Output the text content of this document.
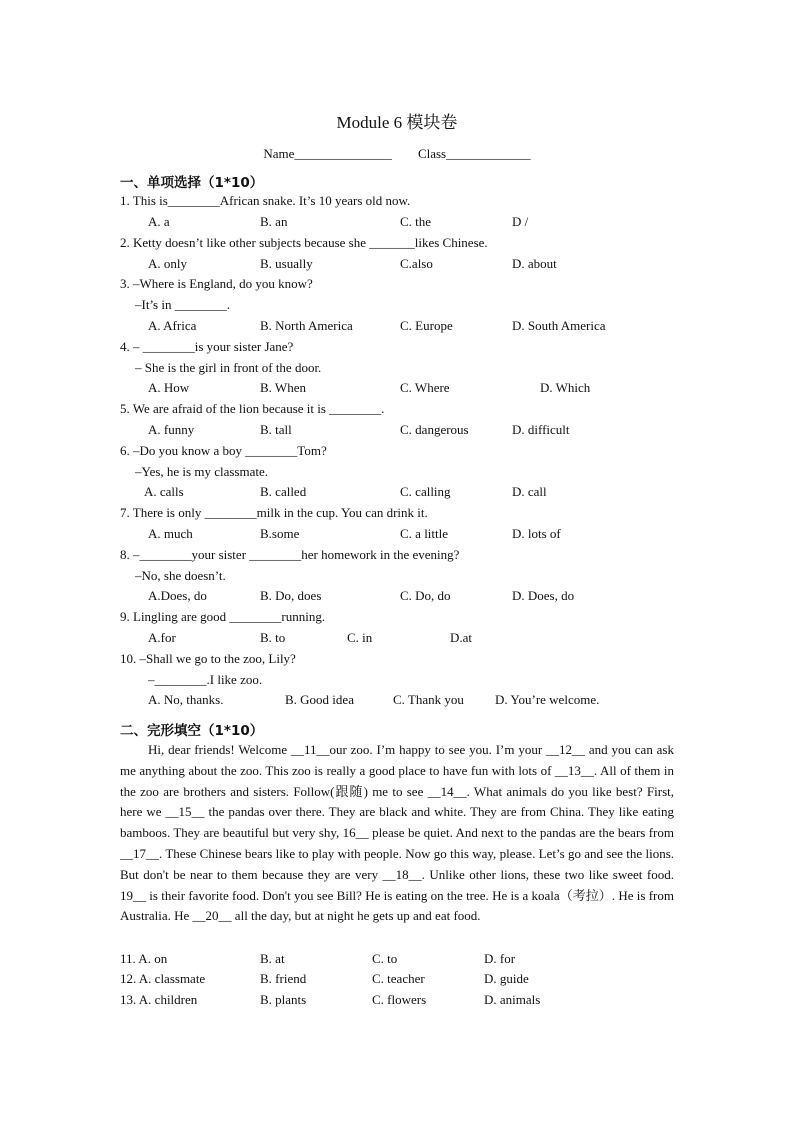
Module 6 模块卷
Name_______________ Class_____________
一、单项选择（1*10）
1. This is________African snake. It’s 10 years old now.
A. a	B. an	C. the	D /
2. Ketty doesn’t like other subjects because she _______likes Chinese.
A. only	B. usually	C.also	D. about
3. –Where is England, do you know?
–It’s in ________.
A. Africa	B. North America	C. Europe	D. South America
4. – ________is your sister Jane?
– She is the girl in front of the door.
A. How	B. When	C. Where	D. Which
5. We are afraid of the lion because it is ________.
A. funny	B. tall	C. dangerous	D. difficult
6. –Do you know a boy ________Tom?
–Yes, he is my classmate.
A. calls	B. called	C. calling	D. call
7. There is only ________milk in the cup. You can drink it.
A. much	B.some	C. a little	D. lots of
8. –________your sister ________her homework in the evening?
–No, she doesn’t.
A.Does, do	B. Do, does	C. Do, do	D. Does, do
9. Lingling are good ________running.
A.for	B. to	C. in	D.at
10. –Shall we go to the zoo, Lily?
–________.I like zoo.
A. No, thanks.	B. Good idea	C. Thank you D. You’re welcome.
二、完形填空（1*10）

Hi, dear friends! Welcome __11__our zoo. I’m happy to see you. I’m your __12__ and you can ask me anything about the zoo. This zoo is really a good place to have fun with lots of __13__. All of them in the zoo are brothers and sisters. Follow(跟随) me to see __14__. What animals do you like best? First, here we __15__ the pandas over there. They are black and white. They are from China. They like eating bamboos. They are beautiful but very shy, 16__ please be quiet. And next to the pandas are the bears from __17__. These Chinese bears like to play with people. Now go this way, please. Let’s go and see the lions. But don't be near to them because they are very __18__. Unlike other lions, these two like sweet food. 19__ is their favorite food. Don't you see Bill? He is eating on the tree. He is a koala（考拉）. He is from Australia. He __20__ all the day, but at night he gets up and eat food.

11. A. on	B. at	C. to	D. for
12. A. classmate	B. friend	C. teacher	D. guide
13. A. children	B. plants	C. flowers	D. animals
